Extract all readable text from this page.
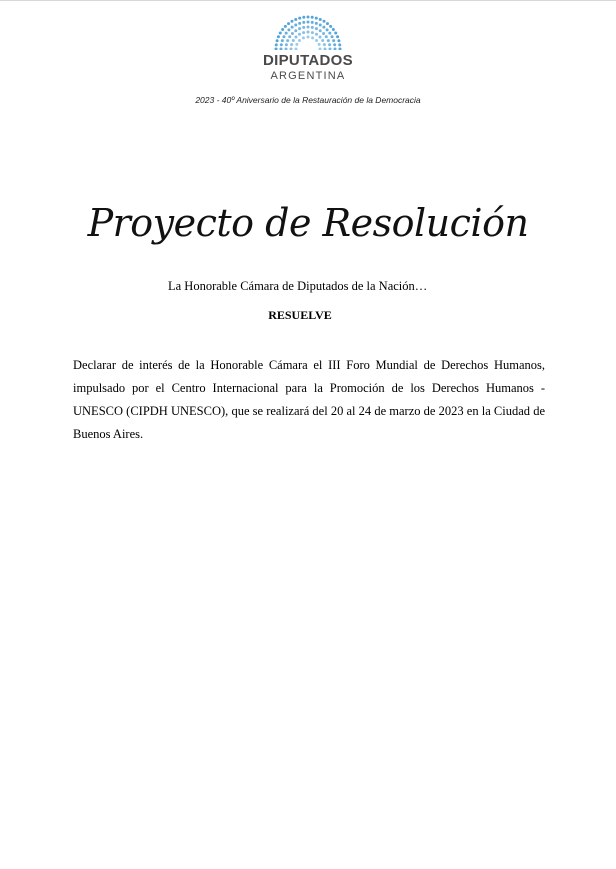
DIPUTADOS
ARGENTINA
2023 - 40º Aniversario de la Restauración de la Democracia
Proyecto de Resolución
La Honorable Cámara de Diputados de la Nación…
RESUELVE
Declarar de interés de la Honorable Cámara el III Foro Mundial de Derechos Humanos, impulsado por el Centro Internacional para la Promoción de los Derechos Humanos - UNESCO (CIPDH UNESCO), que se realizará del 20 al 24 de marzo de 2023 en la Ciudad de Buenos Aires.
